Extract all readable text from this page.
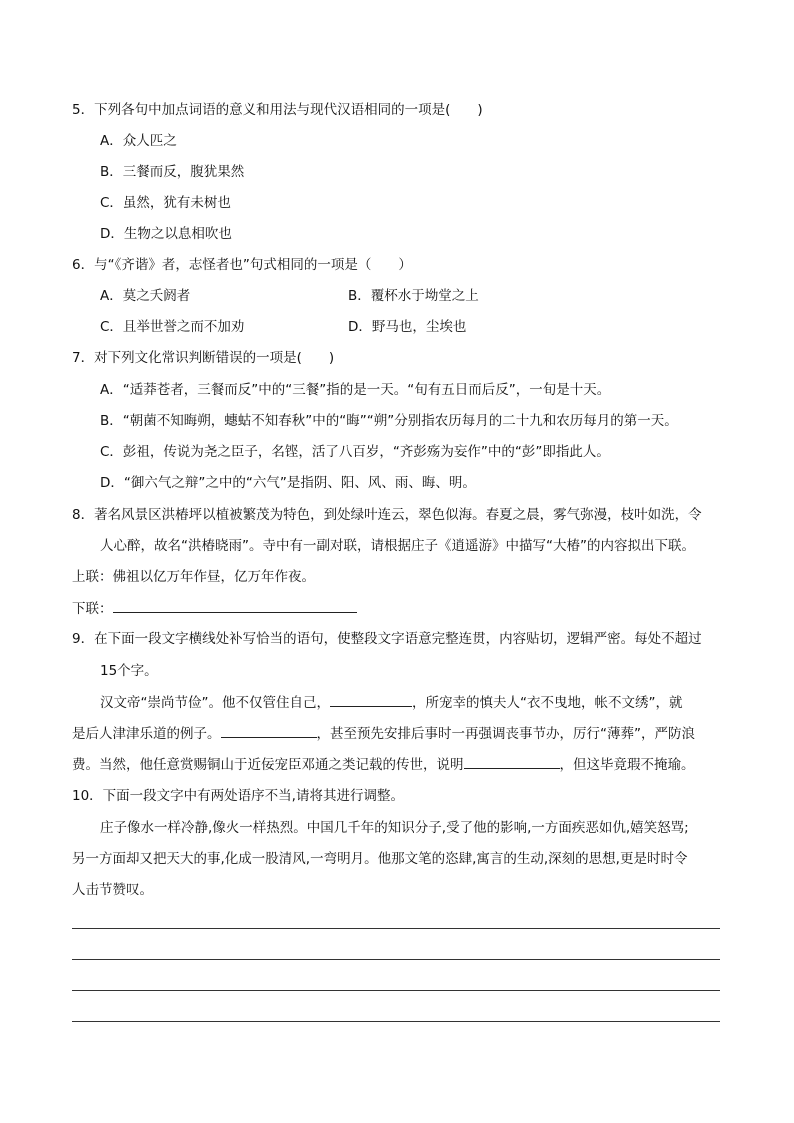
5．下列各句中加点词语的意义和用法与现代汉语相同的一项是(　　)
A．众人匹之
B．三餐而反，腹犹果然
C．虽然，犹有未树也
D．生物之以息相吹也
6．与“《齐谐》者，志怪者也”句式相同的一项是（　　）
A．莫之夭阏者	B．覆杯水于坳堂之上
C．且举世誉之而不加劝	D．野马也，尘埃也
7．对下列文化常识判断错误的一项是(　　)
A．“适莽苍者，三餐而反”中的“三餐”指的是一天。“旬有五日而后反”，一旬是十天。
B．“朝菌不知晦朔，蟪蛄不知春秋”中的“晦”“朔”分别指农历每月的二十九和农历每月的第一天。
C．彭祖，传说为尧之臣子，名铿，活了八百岁，“齐彭殇为妄作”中的“彭”即指此人。
D．“御六气之辩”之中的“六气”是指阴、阳、风、雨、晦、明。
8．著名风景区洪椿坪以植被繁茂为特色，到处绿叶连云，翠色似海。春夏之晨，雾气弥漫，枝叶如洗，令
人心醉，故名“洪椿晓雨”。寺中有一副对联，请根据庄子《逍遥游》中描写“大椿”的内容拟出下联。
上联：佛祖以亿万年作昼，亿万年作夜。
下联：
9．在下面一段文字横线处补写恰当的语句，使整段文字语意完整连贯，内容贴切，逻辑严密。每处不超过
15个字。
汉文帝“崇尚节俭”。他不仅管住自己，	，所宠幸的慎夫人“衣不曳地，帐不文绣”，就
是后人津津乐道的例子。	，甚至预先安排后事时一再强调丧事节办，厉行“薄葬”，严防浪
费。当然，他任意赏赐铜山于近佞宠臣邓通之类记载的传世，说明	，但这毕竟瑕不掩瑜。
10．下面一段文字中有两处语序不当,请将其进行调整。
庄子像水一样冷静,像火一样热烈。中国几千年的知识分子,受了他的影响,一方面疾恶如仇,嬉笑怒骂;
另一方面却又把天大的事,化成一股清风,一弯明月。他那文笔的恣肆,寓言的生动,深刻的思想,更是时时令
人击节赞叹。
